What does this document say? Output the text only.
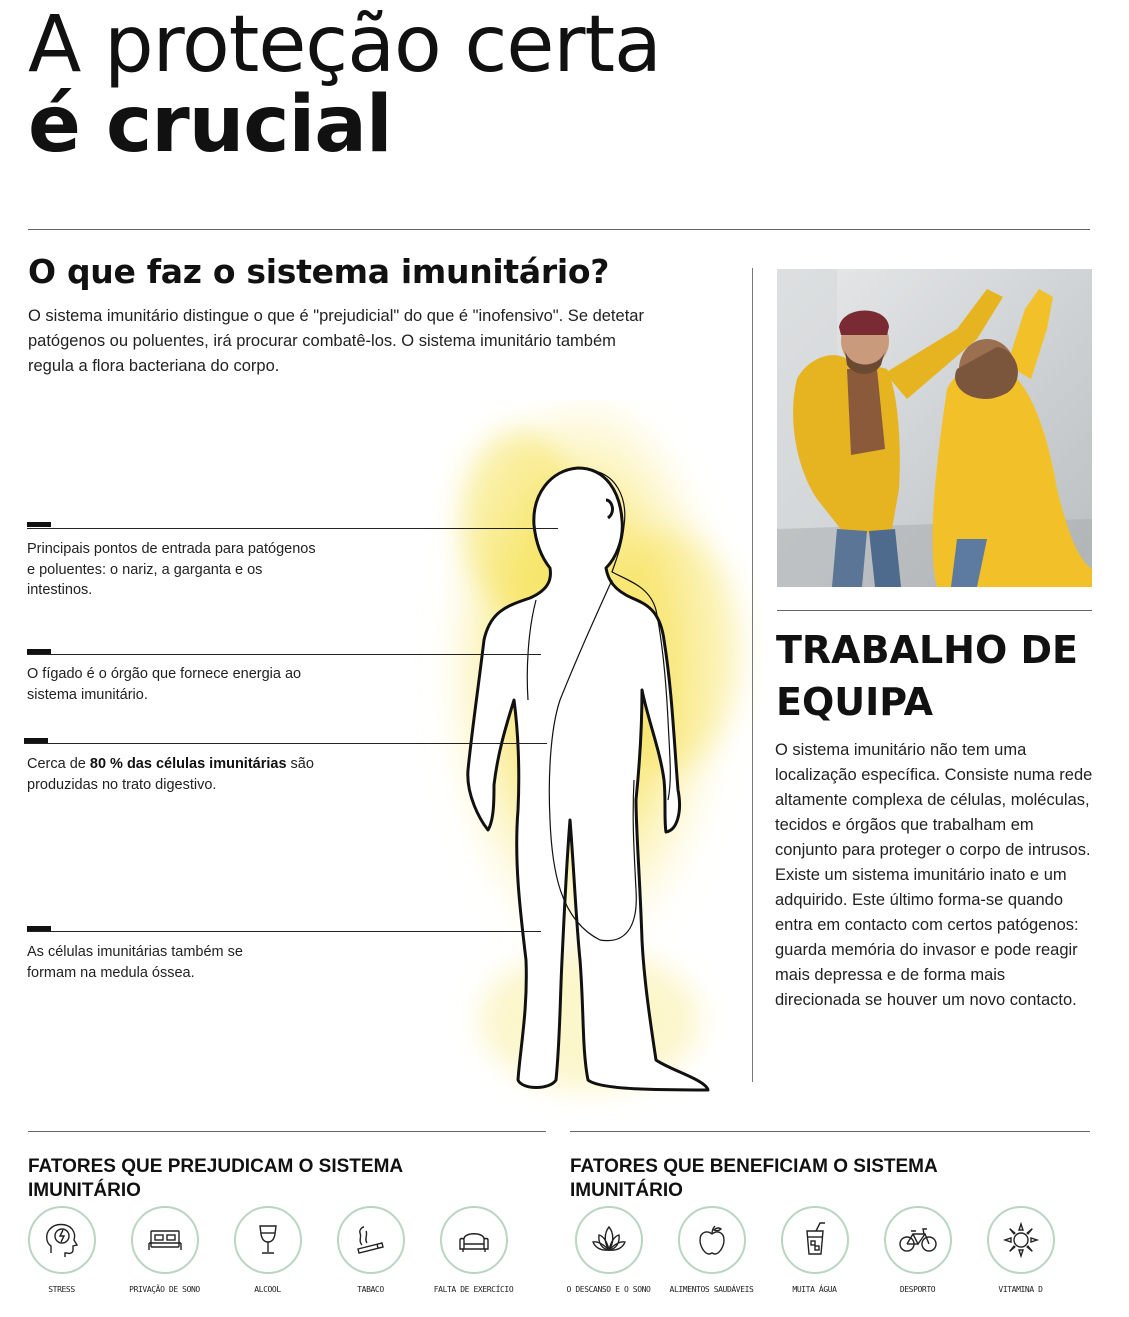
A proteção certa
é crucial
O que faz o sistema imunitário?

O sistema imunitário distingue o que é "prejudicial" do que é "inofensivo". Se detetar patógenos ou poluentes, irá procurar combatê-los. O sistema imunitário também regula a flora bacteriana do corpo.

Principais pontos de entrada para patógenos e poluentes: o nariz, a garganta e os intestinos.

O fígado é o órgão que fornece energia ao sistema imunitário.

Cerca de 80 % das células imunitárias são produzidas no trato digestivo.

As células imunitárias também se formam na medula óssea.

TRABALHO DE EQUIPA

O sistema imunitário não tem uma localização específica. Consiste numa rede altamente complexa de células, moléculas, tecidos e órgãos que trabalham em conjunto para proteger o corpo de intrusos. Existe um sistema imunitário inato e um adquirido. Este último forma-se quando entra em contacto com certos patógenos: guarda memória do invasor e pode reagir mais depressa e de forma mais direcionada se houver um novo contacto.

FATORES QUE PREJUDICAM O SISTEMA IMUNITÁRIO
STRESS	PRIVAÇÃO DE SONO	ALCOOL	TABACO	FALTA DE EXERCÍCIO
FATORES QUE BENEFICIAM O SISTEMA IMUNITÁRIO
O DESCANSO E O SONO	ALIMENTOS SAUDÁVEIS	MUITA ÁGUA	DESPORTO	VITAMINA D
